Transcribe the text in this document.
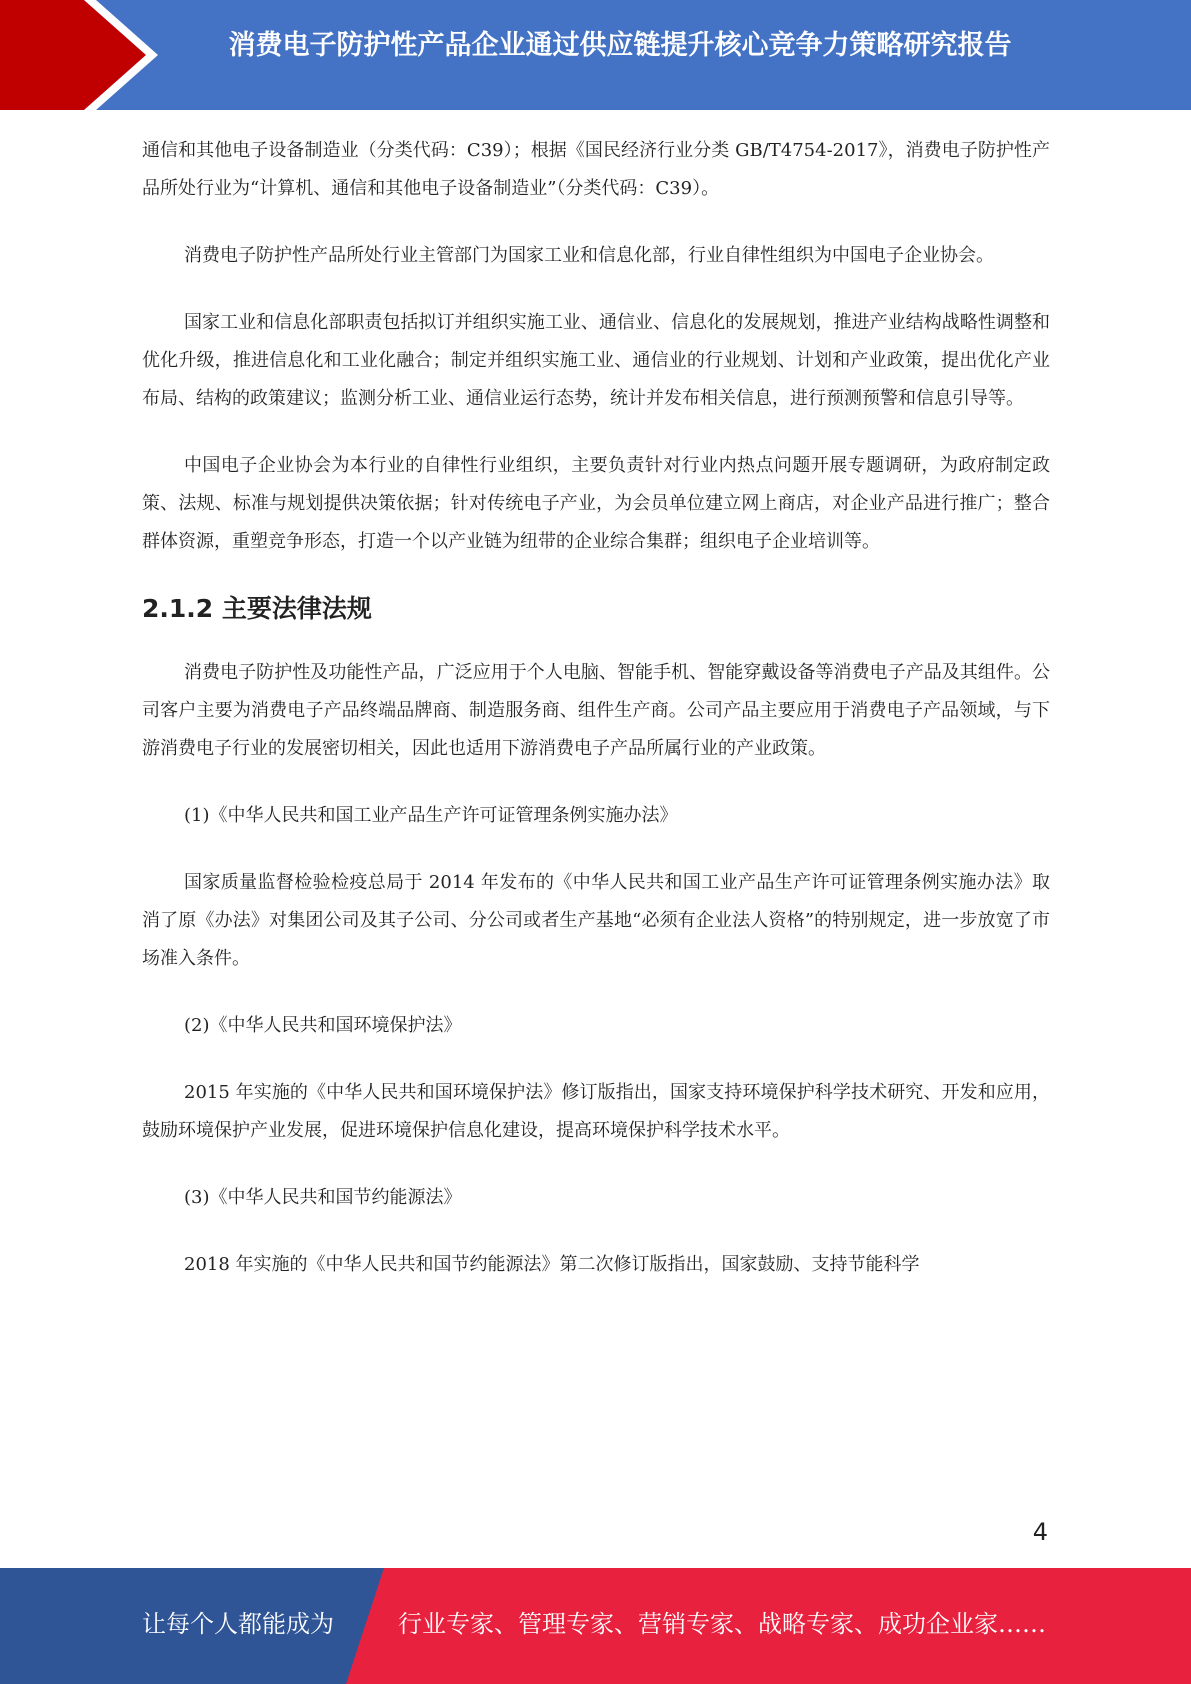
消费电子防护性产品企业通过供应链提升核心竞争力策略研究报告

通信和其他电子设备制造业（分类代码：C39）；根据《国民经济行业分类 GB/T4754-2017》，消费电子防护性产品所处行业为“计算机、通信和其他电子设备制造业”（分类代码：C39）。

消费电子防护性产品所处行业主管部门为国家工业和信息化部，行业自律性组织为中国电子企业协会。

国家工业和信息化部职责包括拟订并组织实施工业、通信业、信息化的发展规划，推进产业结构战略性调整和优化升级，推进信息化和工业化融合；制定并组织实施工业、通信业的行业规划、计划和产业政策，提出优化产业布局、结构的政策建议；监测分析工业、通信业运行态势，统计并发布相关信息，进行预测预警和信息引导等。

中国电子企业协会为本行业的自律性行业组织，主要负责针对行业内热点问题开展专题调研，为政府制定政策、法规、标准与规划提供决策依据；针对传统电子产业，为会员单位建立网上商店，对企业产品进行推广；整合群体资源，重塑竞争形态，打造一个以产业链为纽带的企业综合集群；组织电子企业培训等。

2.1.2 主要法律法规

消费电子防护性及功能性产品，广泛应用于个人电脑、智能手机、智能穿戴设备等消费电子产品及其组件。公司客户主要为消费电子产品终端品牌商、制造服务商、组件生产商。公司产品主要应用于消费电子产品领域，与下游消费电子行业的发展密切相关，因此也适用下游消费电子产品所属行业的产业政策。

(1)《中华人民共和国工业产品生产许可证管理条例实施办法》

国家质量监督检验检疫总局于 2014 年发布的《中华人民共和国工业产品生产许可证管理条例实施办法》取消了原《办法》对集团公司及其子公司、分公司或者生产基地“必须有企业法人资格”的特别规定，进一步放宽了市场准入条件。

(2)《中华人民共和国环境保护法》

2015 年实施的《中华人民共和国环境保护法》修订版指出，国家支持环境保护科学技术研究、开发和应用，鼓励环境保护产业发展，促进环境保护信息化建设，提高环境保护科学技术水平。

(3)《中华人民共和国节约能源法》

2018 年实施的《中华人民共和国节约能源法》第二次修订版指出，国家鼓励、支持节能科学

4
让每个人都能成为	行业专家、管理专家、营销专家、战略专家、成功企业家……
